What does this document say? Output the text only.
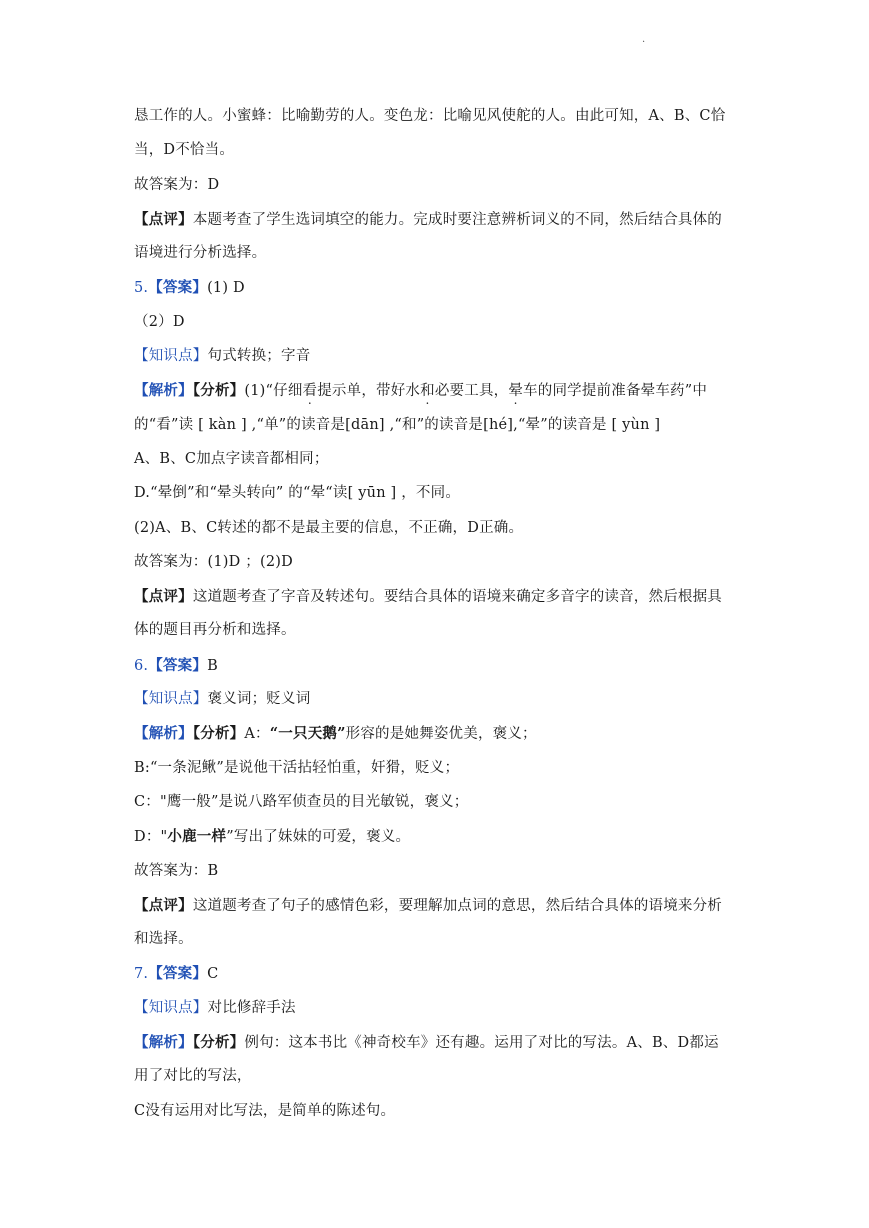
.
恳工作的人。小蜜蜂：比喻勤劳的人。变色龙：比喻见风使舵的人。由此可知，A、B、C恰
当，D不恰当。
故答案为：D
【点评】本题考查了学生选词填空的能力。完成时要注意辨析词义的不同，然后结合具体的
语境进行分析选择。
5.【答案】(1) D
（2）D
【知识点】句式转换；字音
【解析】【分析】(1)“仔细看提示单，带好水和必要工具，晕车的同学提前准备晕车药”中
的“看”读 [ kàn ] ,“单”的读音是[dān] ,“和”的读音是[hé],“晕”的读音是 [ yùn ]
A、B、C加点字读音都相同；
D.“晕倒”和“晕头转向” 的“晕“读[ yūn ] ，不同。
(2)A、B、C转述的都不是最主要的信息，不正确，D正确。
故答案为：(1)D ；(2)D
【点评】这道题考查了字音及转述句。要结合具体的语境来确定多音字的读音，然后根据具
体的题目再分析和选择。
6.【答案】B
【知识点】褒义词；贬义词
【解析】【分析】A：“一只天鹅”形容的是她舞姿优美，褒义；
B:“一条泥鳅”是说他干活拈轻怕重，奸猾，贬义；
C："鹰一般”是说八路军侦查员的目光敏锐，褒义；
D："小鹿一样”写出了妹妹的可爱，褒义。
故答案为：B
【点评】这道题考查了句子的感情色彩，要理解加点词的意思，然后结合具体的语境来分析
和选择。
7.【答案】C
【知识点】对比修辞手法
【解析】【分析】例句：这本书比《神奇校车》还有趣。运用了对比的写法。A、B、D都运
用了对比的写法，
C没有运用对比写法，是简单的陈述句。
